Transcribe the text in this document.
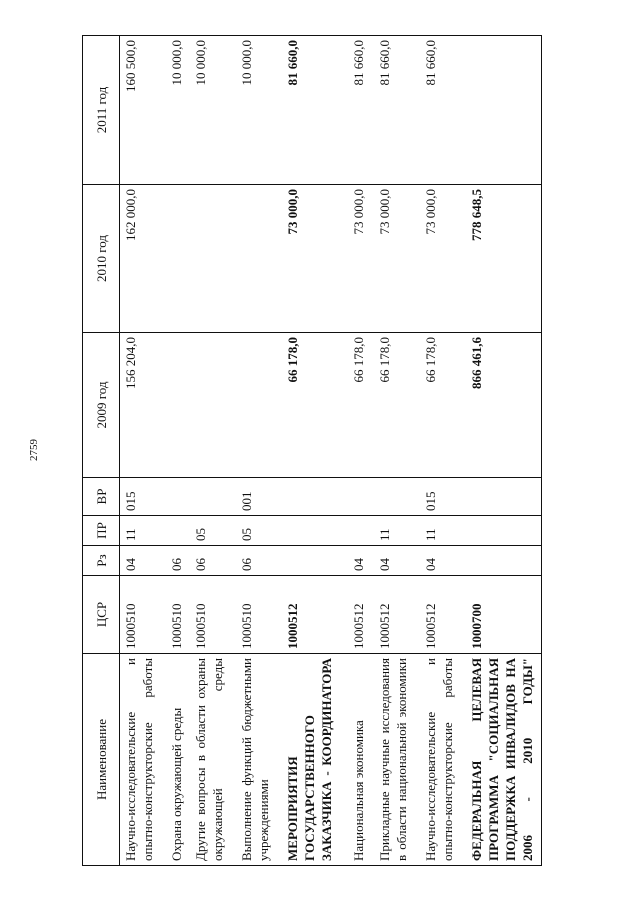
2759
Наименование	ЦСР	Рз	ПР	ВР	2009 год	2010 год	2011 год
Научно-исследовательские и опытно-конструкторские работы	1000510	04	11	015	156 204,0	162 000,0	160 500,0
Охрана окружающей среды	1000510	06					10 000,0
Другие вопросы в области охраны окружающей среды	1000510	06	05				10 000,0
Выполнение функций бюджетными учреждениями	1000510	06	05	001			10 000,0
МЕРОПРИЯТИЯ ГОСУДАРСТВЕННОГО ЗАКАЗЧИКА - КООРДИНАТОРА	1000512				66 178,0	73 000,0	81 660,0
Национальная экономика	1000512	04			66 178,0	73 000,0	81 660,0
Прикладные научные исследования в области национальной экономики	1000512	04	11		66 178,0	73 000,0	81 660,0
Научно-исследовательские и опытно-конструкторские работы	1000512	04	11	015	66 178,0	73 000,0	81 660,0
ФЕДЕРАЛЬНАЯ ЦЕЛЕВАЯ ПРОГРАММА "СОЦИАЛЬНАЯ ПОДДЕРЖКА ИНВАЛИДОВ НА 2006 - 2010 ГОДЫ"	1000700				866 461,6	778 648,5	
